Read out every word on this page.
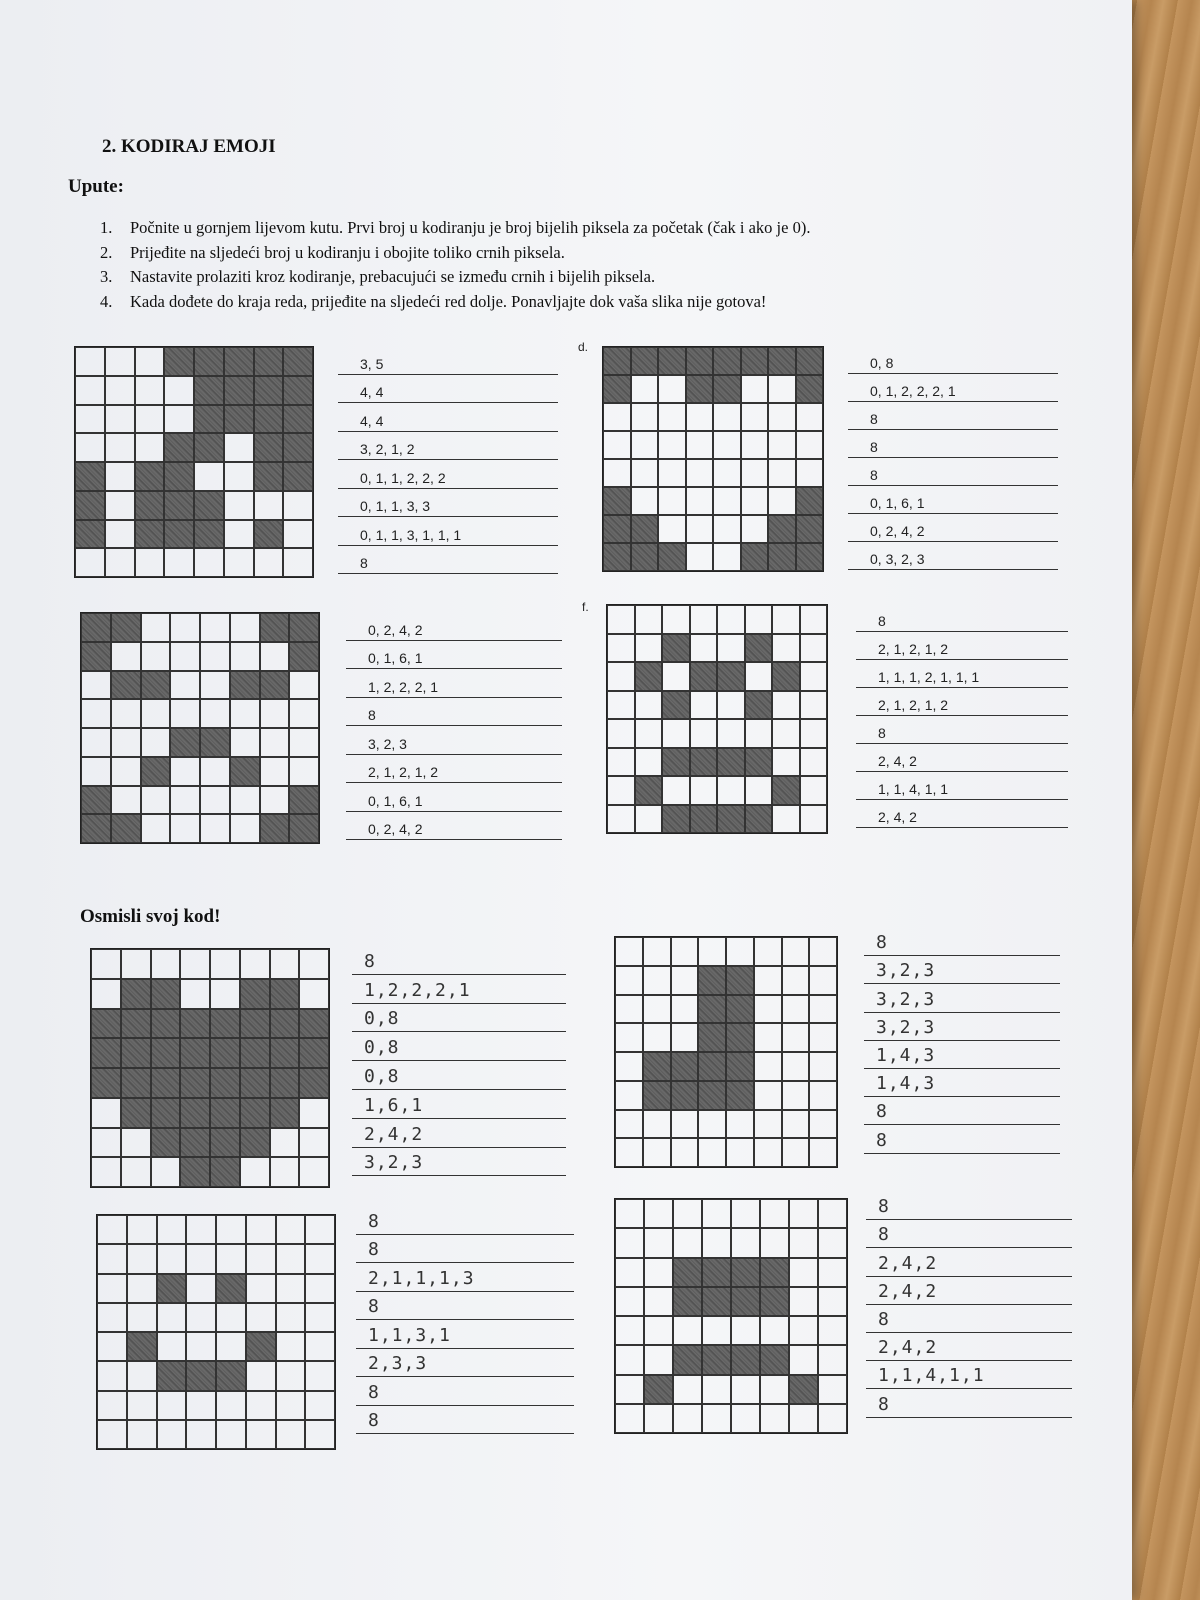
2. KODIRAJ EMOJI
Upute:
1. Počnite u gornjem lijevom kutu. Prvi broj u kodiranju je broj bijelih piksela za početak (čak i ako je 0).
2. Prijeđite na sljedeći broj u kodiranju i obojite toliko crnih piksela.
3. Nastavite prolaziti kroz kodiranje, prebacujući se između crnih i bijelih piksela.
4. Kada dođete do kraja reda, prijeđite na sljedeći red dolje. Ponavljajte dok vaša slika nije gotova!
Osmisli svoj kod!
3, 5
4, 4
4, 4
3, 2, 1, 2
0, 1, 1, 2, 2, 2
0, 1, 1, 3, 3
0, 1, 1, 3, 1, 1, 1
8
0, 8
0, 1, 2, 2, 2, 1
8
8
8
0, 1, 6, 1
0, 2, 4, 2
0, 3, 2, 3
d.
0, 2, 4, 2
0, 1, 6, 1
1, 2, 2, 2, 1
8
3, 2, 3
2, 1, 2, 1, 2
0, 1, 6, 1
0, 2, 4, 2
8
2, 1, 2, 1, 2
1, 1, 1, 2, 1, 1, 1
2, 1, 2, 1, 2
8
2, 4, 2
1, 1, 4, 1, 1
2, 4, 2
f.
8
1,2,2,2,1
0,8
0,8
0,8
1,6,1
2,4,2
3,2,3
8
3,2,3
3,2,3
3,2,3
1,4,3
1,4,3
8
8
8
8
2,1,1,1,3
8
1,1,3,1
2,3,3
8
8
8
8
2,4,2
2,4,2
8
2,4,2
1,1,4,1,1
8
